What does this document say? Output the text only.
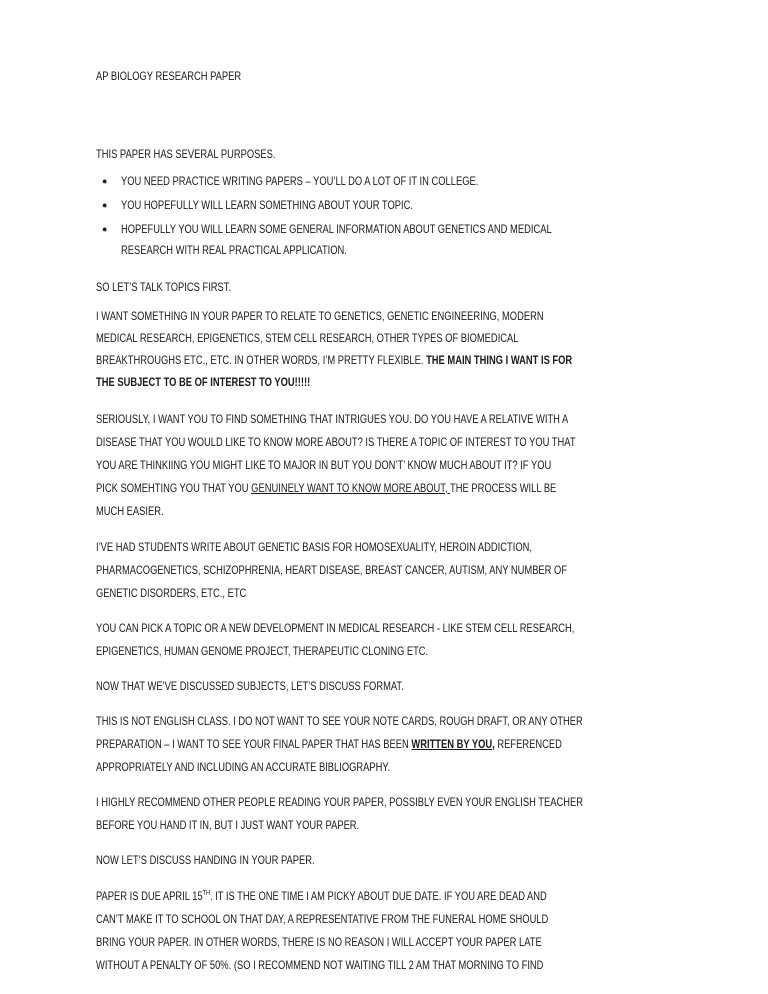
AP BIOLOGY RESEARCH PAPER
THIS PAPER HAS SEVERAL PURPOSES.
● YOU NEED PRACTICE WRITING PAPERS – YOU’LL DO A LOT OF IT IN COLLEGE.
● YOU HOPEFULLY WILL LEARN SOMETHING ABOUT YOUR TOPIC.
● HOPEFULLY YOU WILL LEARN SOME GENERAL INFORMATION ABOUT GENETICS AND MEDICAL
RESEARCH WITH REAL PRACTICAL APPLICATION.
SO LET’S TALK TOPICS FIRST.
I WANT SOMETHING IN YOUR PAPER TO RELATE TO GENETICS, GENETIC ENGINEERING, MODERN
MEDICAL RESEARCH, EPIGENETICS, STEM CELL RESEARCH, OTHER TYPES OF BIOMEDICAL
BREAKTHROUGHS ETC., ETC. IN OTHER WORDS, I’M PRETTY FLEXIBLE. THE MAIN THING I WANT IS FOR
THE SUBJECT TO BE OF INTEREST TO YOU!!!!!
SERIOUSLY, I WANT YOU TO FIND SOMETHING THAT INTRIGUES YOU. DO YOU HAVE A RELATIVE WITH A
DISEASE THAT YOU WOULD LIKE TO KNOW MORE ABOUT? IS THERE A TOPIC OF INTEREST TO YOU THAT
YOU ARE THINKIING YOU MIGHT LIKE TO MAJOR IN BUT YOU DON’T’ KNOW MUCH ABOUT IT? IF YOU
PICK SOMEHTING YOU THAT YOU GENUINELY WANT TO KNOW MORE ABOUT, THE PROCESS WILL BE
MUCH EASIER.
I’VE HAD STUDENTS WRITE ABOUT GENETIC BASIS FOR HOMOSEXUALITY, HEROIN ADDICTION,
PHARMACOGENETICS, SCHIZOPHRENIA, HEART DISEASE, BREAST CANCER, AUTISM, ANY NUMBER OF
GENETIC DISORDERS, ETC., ETC
YOU CAN PICK A TOPIC OR A NEW DEVELOPMENT IN MEDICAL RESEARCH - LIKE STEM CELL RESEARCH,
EPIGENETICS, HUMAN GENOME PROJECT, THERAPEUTIC CLONING ETC.
NOW THAT WE’VE DISCUSSED SUBJECTS, LET’S DISCUSS FORMAT.
THIS IS NOT ENGLISH CLASS. I DO NOT WANT TO SEE YOUR NOTE CARDS, ROUGH DRAFT, OR ANY OTHER
PREPARATION – I WANT TO SEE YOUR FINAL PAPER THAT HAS BEEN WRITTEN BY YOU, REFERENCED
APPROPRIATELY AND INCLUDING AN ACCURATE BIBLIOGRAPHY.
I HIGHLY RECOMMEND OTHER PEOPLE READING YOUR PAPER, POSSIBLY EVEN YOUR ENGLISH TEACHER
BEFORE YOU HAND IT IN, BUT I JUST WANT YOUR PAPER.
NOW LET’S DISCUSS HANDING IN YOUR PAPER.
PAPER IS DUE APRIL 15TH. IT IS THE ONE TIME I AM PICKY ABOUT DUE DATE. IF YOU ARE DEAD AND
CAN’T MAKE IT TO SCHOOL ON THAT DAY, A REPRESENTATIVE FROM THE FUNERAL HOME SHOULD
BRING YOUR PAPER. IN OTHER WORDS, THERE IS NO REASON I WILL ACCEPT YOUR PAPER LATE
WITHOUT A PENALTY OF 50%. (SO I RECOMMEND NOT WAITING TILL 2 AM THAT MORNING TO FIND
